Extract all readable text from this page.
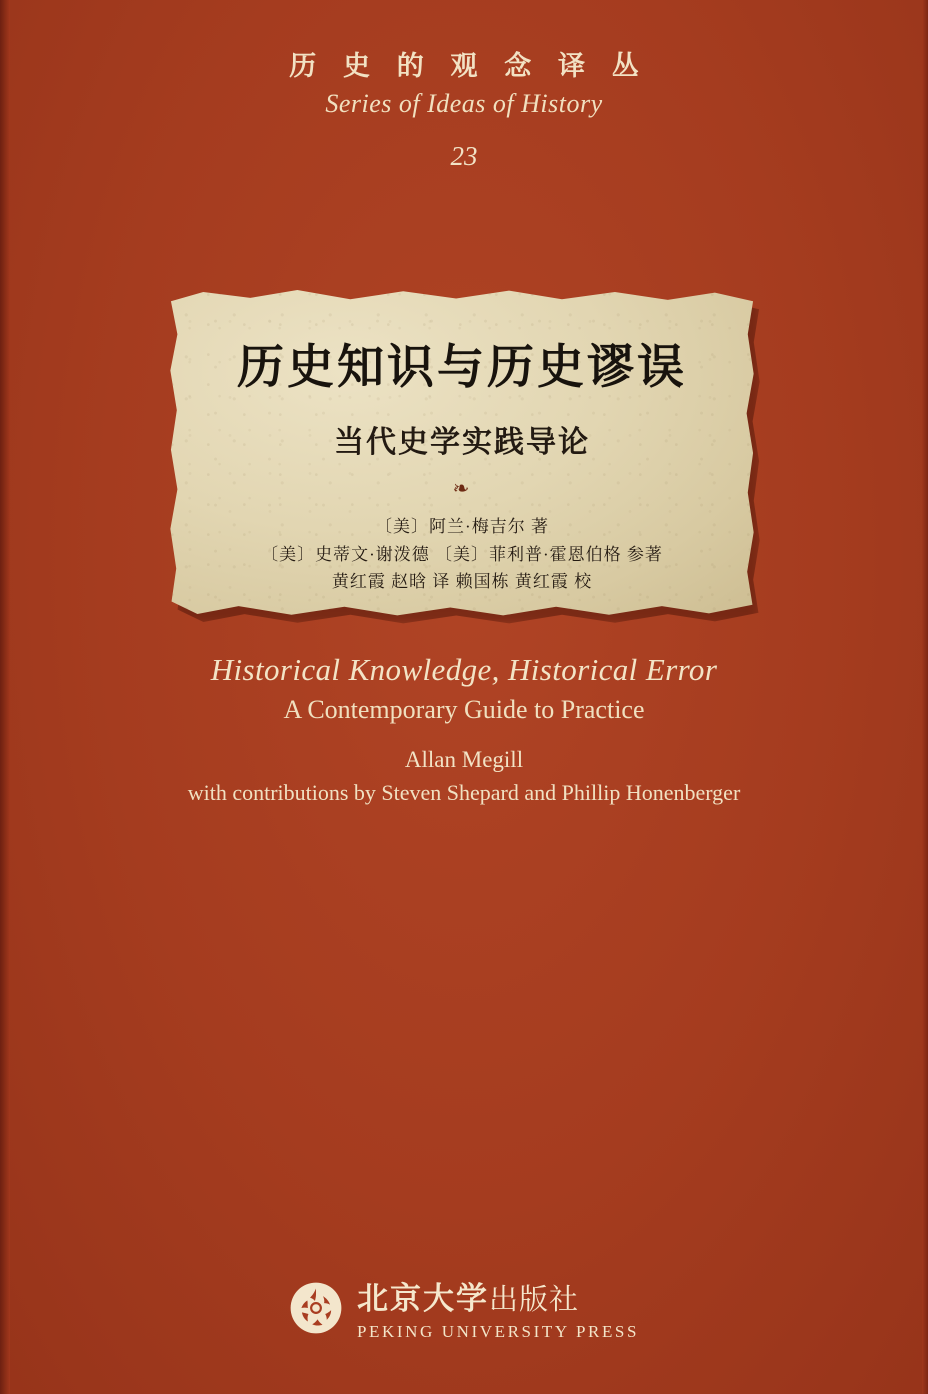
历 史 的 观 念 译 丛
Series of Ideas of History
23
历史知识与历史谬误
当代史学实践导论
❧
〔美〕阿兰·梅吉尔 著
〔美〕史蒂文·谢泼德 〔美〕菲利普·霍恩伯格 参著
黄红霞 赵晗 译 赖国栋 黄红霞 校
Historical Knowledge, Historical Error
A Contemporary Guide to Practice
Allan Megill
with contributions by Steven Shepard and Phillip Honenberger
北京大学出版社
PEKING UNIVERSITY PRESS
